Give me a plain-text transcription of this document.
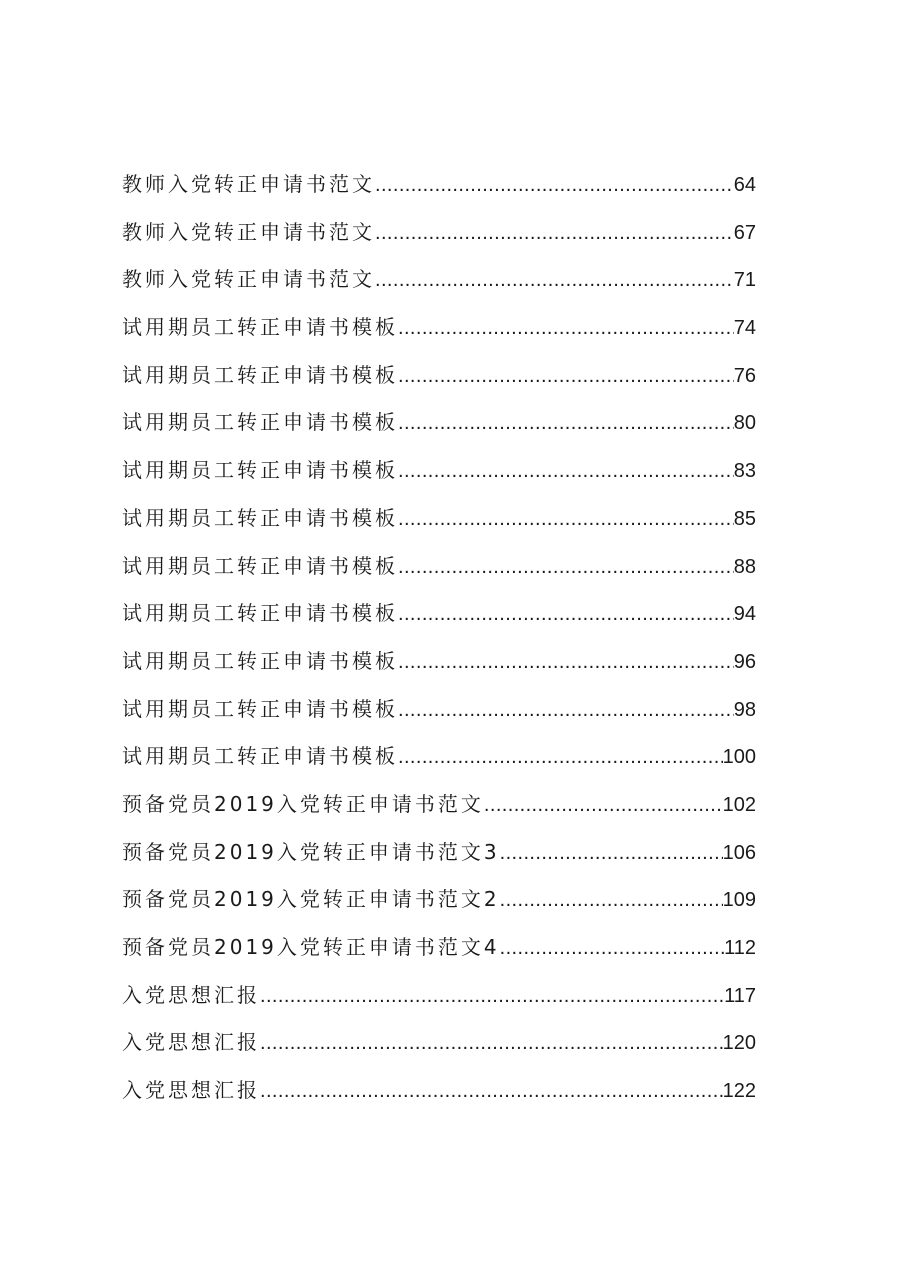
教师入党转正申请书范文 .....	64
教师入党转正申请书范文 .....	67
教师入党转正申请书范文 .....	71
试用期员工转正申请书模板 .....	74
试用期员工转正申请书模板 .....	76
试用期员工转正申请书模板 .....	80
试用期员工转正申请书模板 .....	83
试用期员工转正申请书模板 .....	85
试用期员工转正申请书模板 .....	88
试用期员工转正申请书模板 .....	94
试用期员工转正申请书模板 .....	96
试用期员工转正申请书模板 .....	98
试用期员工转正申请书模板 .....	100
预备党员2019入党转正申请书范文 .....	102
预备党员2019入党转正申请书范文3 .....	106
预备党员2019入党转正申请书范文2 .....	109
预备党员2019入党转正申请书范文4 .....	112
入党思想汇报 .....	117
入党思想汇报 .....	120
入党思想汇报 .....	122
